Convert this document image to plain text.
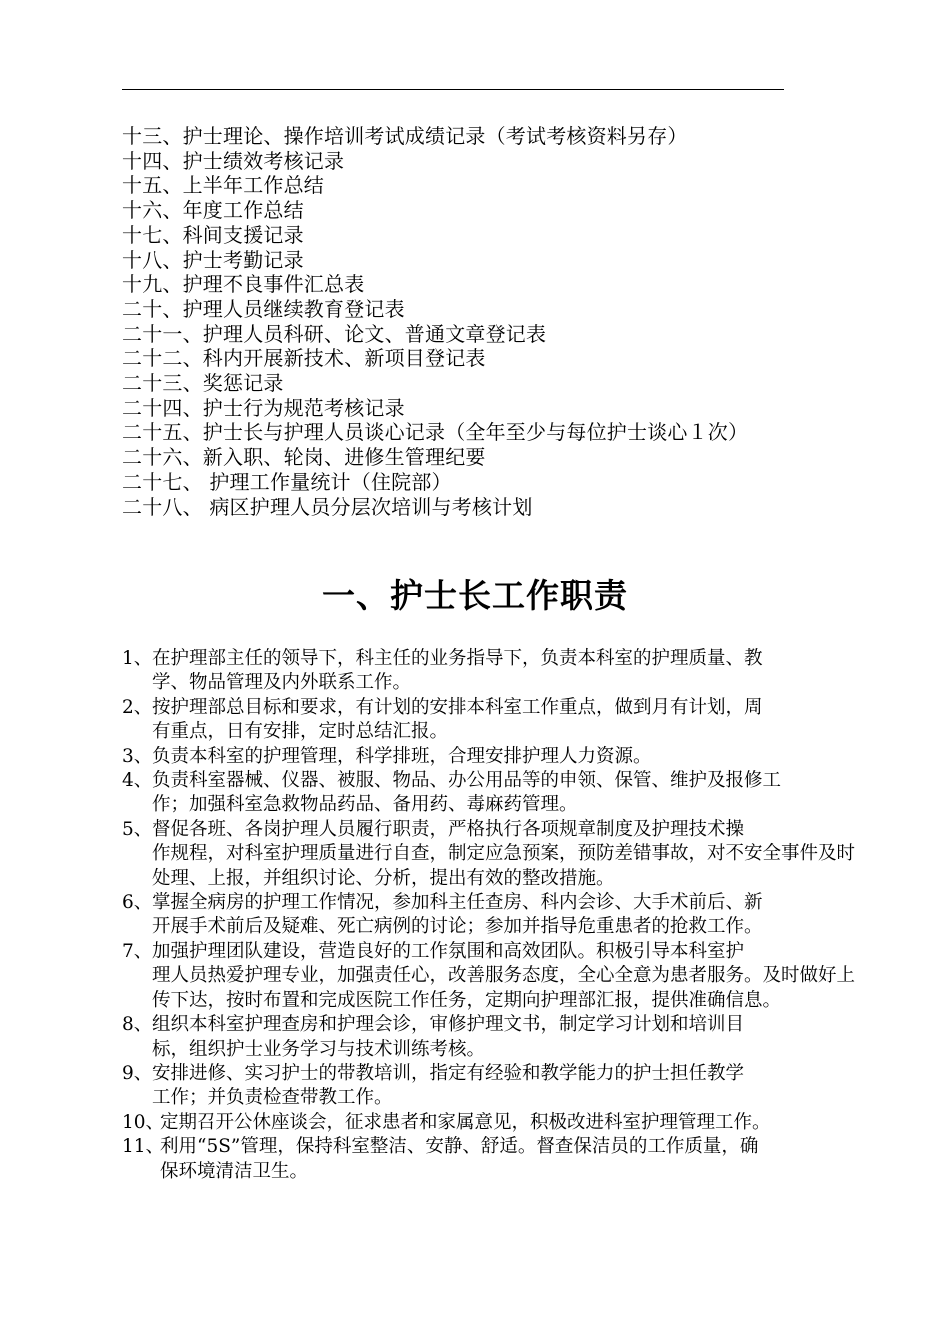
十三、护士理论、操作培训考试成绩记录（考试考核资料另存）
十四、护士绩效考核记录
十五、上半年工作总结
十六、年度工作总结
十七、科间支援记录
十八、护士考勤记录
十九、护理不良事件汇总表
二十、护理人员继续教育登记表
二十一、护理人员科研、论文、普通文章登记表
二十二、科内开展新技术、新项目登记表
二十三、奖惩记录
二十四、护士行为规范考核记录
二十五、护士长与护理人员谈心记录（全年至少与每位护士谈心１次）
二十六、新入职、轮岗、进修生管理纪要
二十七、 护理工作量统计（住院部）
二十八、 病区护理人员分层次培训与考核计划
一、护士长工作职责

1、在护理部主任的领导下，科主任的业务指导下，负责本科室的护理质量、教
学、物品管理及内外联系工作。

2、按护理部总目标和要求，有计划的安排本科室工作重点，做到月有计划，周
有重点，日有安排，定时总结汇报。

3、负责本科室的护理管理，科学排班，合理安排护理人力资源。

4、负责科室器械、仪器、被服、物品、办公用品等的申领、保管、维护及报修工
作；加强科室急救物品药品、备用药、毒麻药管理。

5、督促各班、各岗护理人员履行职责，严格执行各项规章制度及护理技术操
作规程，对科室护理质量进行自查，制定应急预案，预防差错事故，对不安全事件及时处理、上报，并组织讨论、分析，提出有效的整改措施。

6、掌握全病房的护理工作情况，参加科主任查房、科内会诊、大手术前后、新
开展手术前后及疑难、死亡病例的讨论；参加并指导危重患者的抢救工作。

7、加强护理团队建设，营造良好的工作氛围和高效团队。积极引导本科室护
理人员热爱护理专业，加强责任心，改善服务态度，全心全意为患者服务。及时做好上传下达，按时布置和完成医院工作任务，定期向护理部汇报，提供准确信息。

8、组织本科室护理查房和护理会诊，审修护理文书，制定学习计划和培训目
标，组织护士业务学习与技术训练考核。

9、安排进修、实习护士的带教培训，指定有经验和教学能力的护士担任教学
工作；并负责检查带教工作。

10、定期召开公休座谈会，征求患者和家属意见，积极改进科室护理管理工作。

11、利用“5S”管理，保持科室整洁、安静、舒适。督查保洁员的工作质量，确
保环境清洁卫生。
